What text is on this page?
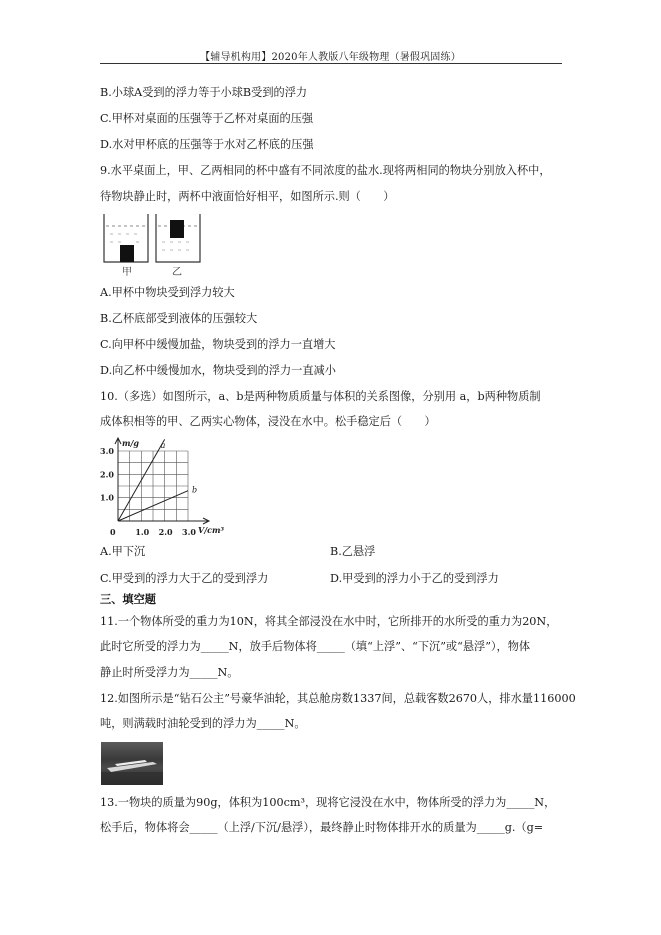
【辅导机构用】2020年人教版八年级物理（暑假巩固练）
B.小球A受到的浮力等于小球B受到的浮力
C.甲杯对桌面的压强等于乙杯对桌面的压强
D.水对甲杯底的压强等于水对乙杯底的压强
9.水平桌面上，甲、乙两相同的杯中盛有不同浓度的盐水.现将两相同的物块分别放入杯中，
待物块静止时，两杯中液面恰好相平，如图所示.则（　　）
甲	乙
A.甲杯中物块受到浮力较大
B.乙杯底部受到液体的压强较大
C.向甲杯中缓慢加盐，物块受到的浮力一直增大
D.向乙杯中缓慢加水，物块受到的浮力一直减小
10.（多选）如图所示，a、b是两种物质质量与体积的关系图像，分别用 a，b两种物质制
成体积相等的甲、乙两实心物体，浸没在水中。松手稳定后（　　）
3.0
2.0
1.0
0 1.0 2.0 3.0
m/g
V/cm³
a
b
A.甲下沉	B.乙悬浮
C.甲受到的浮力大于乙的受到浮力	D.甲受到的浮力小于乙的受到浮力
三、填空题
11.一个物体所受的重力为10N，将其全部浸没在水中时，它所排开的水所受的重力为20N，
此时它所受的浮力为_____N，放手后物体将_____（填“上浮”、“下沉”或“悬浮”），物体
静止时所受浮力为_____N。
12.如图所示是“钻石公主”号豪华油轮，其总舱房数1337间，总载客数2670人，排水量116000
吨，则满载时油轮受到的浮力为_____N。
13.一物块的质量为90g，体积为100cm³，现将它浸没在水中，物体所受的浮力为_____N，
松手后，物体将会_____（上浮/下沉/悬浮），最终静止时物体排开水的质量为_____g.（g=
